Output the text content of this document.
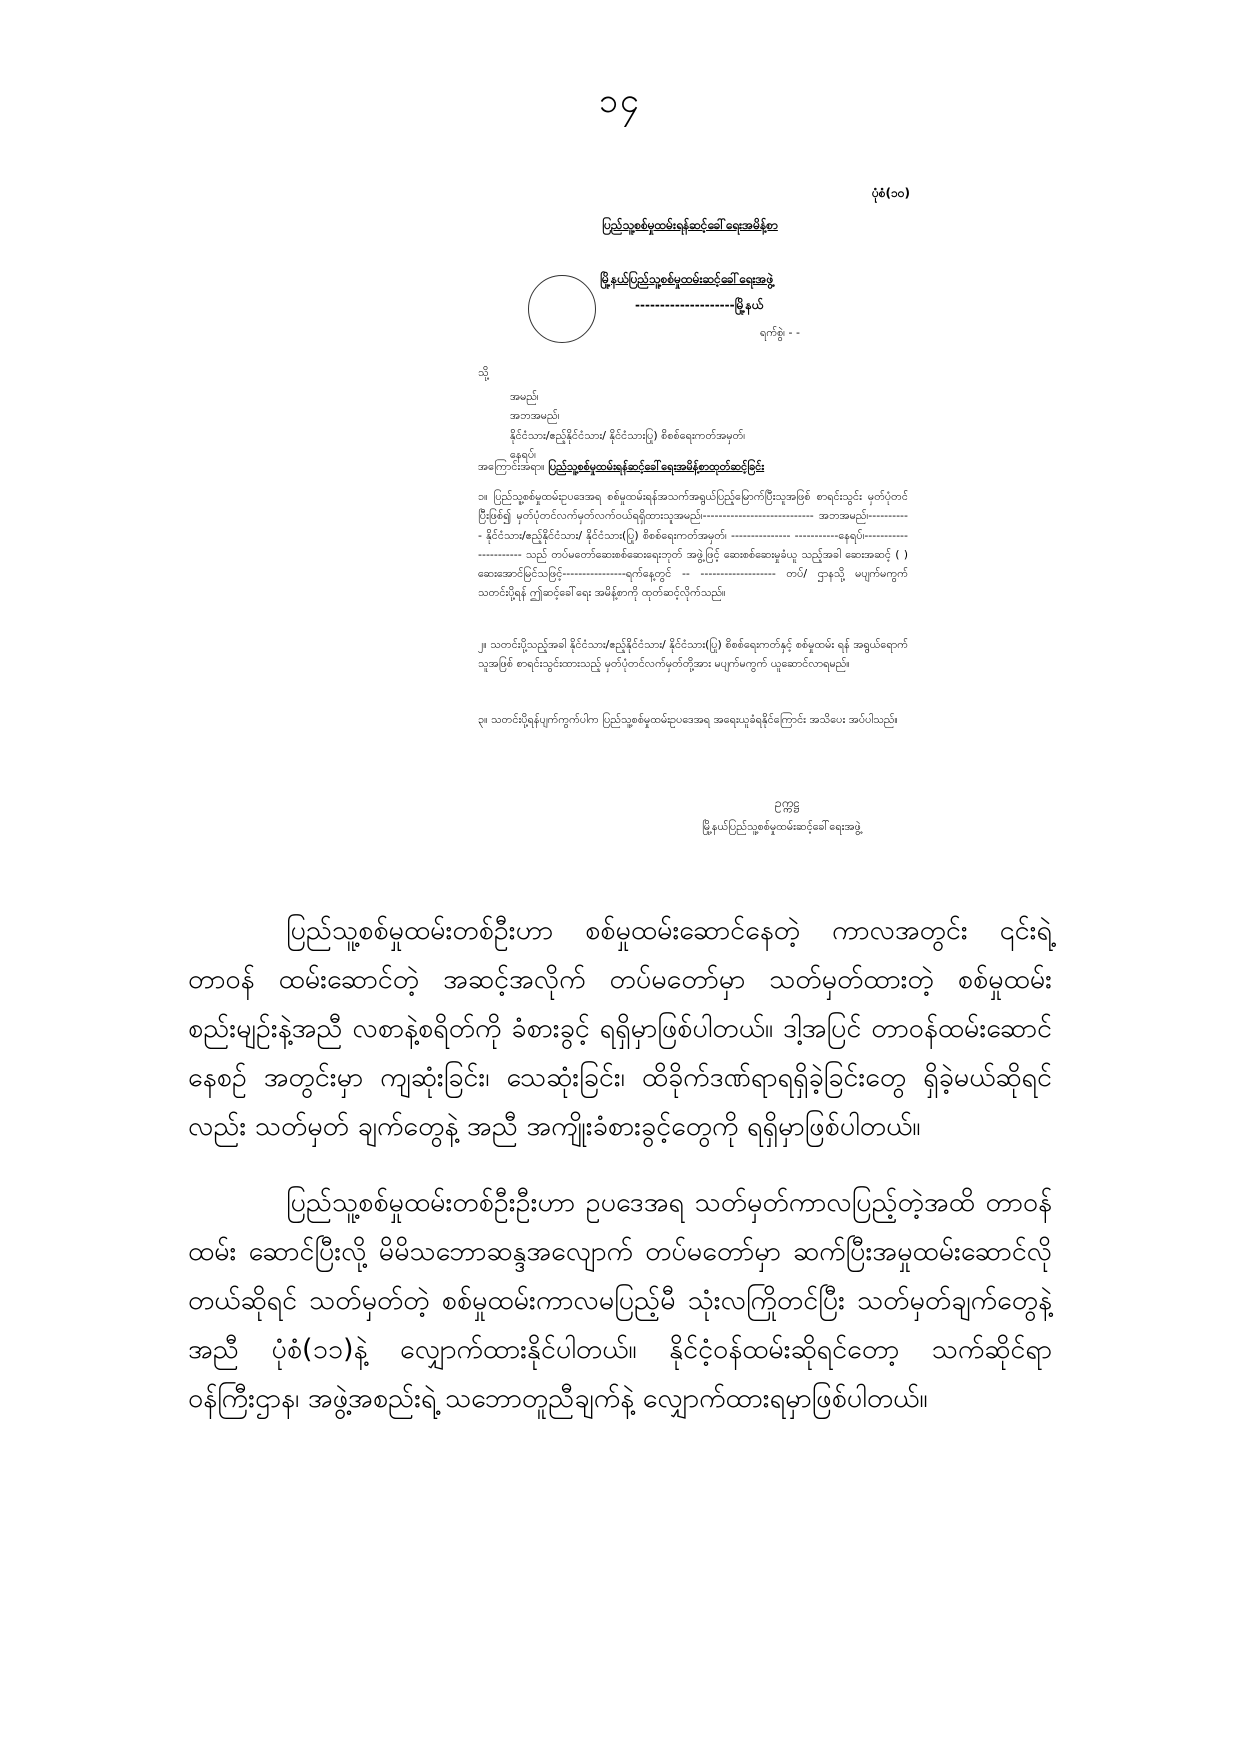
၁၄
ပုံစံ(၁၀)
ပြည်သူ့စစ်မှုထမ်းရန်ဆင့်ခေါ်ရေးအမိန့်စာ
မြို့နယ်ပြည်သူ့စစ်မှုထမ်းဆင့်ခေါ်ရေးအဖွဲ့
--------------------မြို့နယ်
ရက်စွဲ၊ - -
သို့
အမည်၊
အဘအမည်၊
နိုင်ငံသား/ဧည့်နိုင်ငံသား/ နိုင်ငံသားပြု) စိစစ်ရေးကတ်အမှတ်၊
နေရပ်၊
အကြောင်းအရာ။ ပြည်သူ့စစ်မှုထမ်းရန်ဆင့်ခေါ်ရေးအမိန့်စာထုတ်ဆင့်ခြင်း
၁။ ပြည်သူ့စစ်မှုထမ်းဥပဒေအရ စစ်မှုထမ်းရန်အသက်အရွယ်ပြည့်မြောက်ပြီးသူအဖြစ် စာရင်းသွင်း မှတ်ပုံတင်ပြီးဖြစ်၍ မှတ်ပုံတင်လက်မှတ်လက်ဝယ်ရရှိထားသူအမည်၊---------------------------- အဘအမည်၊----------- နိုင်ငံသား/ဧည့်နိုင်ငံသား/ နိုင်ငံသား(ပြု) စိစစ်ရေးကတ်အမှတ်၊ --------------- -----------နေရပ်၊---------------------- သည် တပ်မတော်ဆေးစစ်ဆေးရေးဘုတ် အဖွဲ့ဖြင့် ဆေးစစ်ဆေးမှုခံယူ သည့်အခါ ဆေးအဆင့် ( ) ဆေးအောင်မြင်သဖြင့်----------------ရက်နေ့တွင် -- ------------------- တပ်/ ဌာနသို့ မပျက်မကွက်သတင်းပို့ရန် ဤဆင့်ခေါ်ရေး အမိန့်စာကို ထုတ်ဆင့်လိုက်သည်။
၂။ သတင်းပို့သည့်အခါ နိုင်ငံသား/ဧည့်နိုင်ငံသား/ နိုင်ငံသား(ပြု) စိစစ်ရေးကတ်နှင့် စစ်မှုထမ်း ရန် အရွယ်ရောက်သူအဖြစ် စာရင်းသွင်းထားသည့် မှတ်ပုံတင်လက်မှတ်တို့အား မပျက်မကွက် ယူဆောင်လာရမည်။
၃။ သတင်းပို့ရန်ပျက်ကွက်ပါက ပြည်သူ့စစ်မှုထမ်းဥပဒေအရ အရေးယူခံရနိုင်ကြောင်း အသိပေး အပ်ပါသည်။
ဥက္ကဋ္ဌ
မြို့နယ်ပြည်သူ့စစ်မှုထမ်းဆင့်ခေါ်ရေးအဖွဲ့

ပြည်သူ့စစ်မှုထမ်းတစ်ဦးဟာ စစ်မှုထမ်းဆောင်နေတဲ့ ကာလအတွင်း ၎င်းရဲ့ တာဝန် ထမ်းဆောင်တဲ့ အဆင့်အလိုက် တပ်မတော်မှာ သတ်မှတ်ထားတဲ့ စစ်မှုထမ်းစည်းမျဉ်းနဲ့အညီ လစာနဲ့စရိတ်ကို ခံစားခွင့် ရရှိမှာဖြစ်ပါတယ်။ ဒါ့အပြင် တာဝန်ထမ်းဆောင်နေစဉ် အတွင်းမှာ ကျဆုံးခြင်း၊ သေဆုံးခြင်း၊ ထိခိုက်ဒဏ်ရာရရှိခဲ့ခြင်းတွေ ရှိခဲ့မယ်ဆိုရင်လည်း သတ်မှတ် ချက်တွေနဲ့ အညီ အကျိုးခံစားခွင့်တွေကို ရရှိမှာဖြစ်ပါတယ်။

ပြည်သူ့စစ်မှုထမ်းတစ်ဦးဦးဟာ ဥပဒေအရ သတ်မှတ်ကာလပြည့်တဲ့အထိ တာဝန်ထမ်း ဆောင်ပြီးလို့ မိမိသဘောဆန္ဒအလျောက် တပ်မတော်မှာ ဆက်ပြီးအမှုထမ်းဆောင်လိုတယ်ဆိုရင် သတ်မှတ်တဲ့ စစ်မှုထမ်းကာလမပြည့်မီ သုံးလကြိုတင်ပြီး သတ်မှတ်ချက်တွေနဲ့အညီ ပုံစံ(၁၁)နဲ့ လျှောက်ထားနိုင်ပါတယ်။ နိုင်ငံ့ဝန်ထမ်းဆိုရင်တော့ သက်ဆိုင်ရာဝန်ကြီးဌာန၊ အဖွဲ့အစည်းရဲ့ သဘောတူညီချက်နဲ့ လျှောက်ထားရမှာဖြစ်ပါတယ်။
